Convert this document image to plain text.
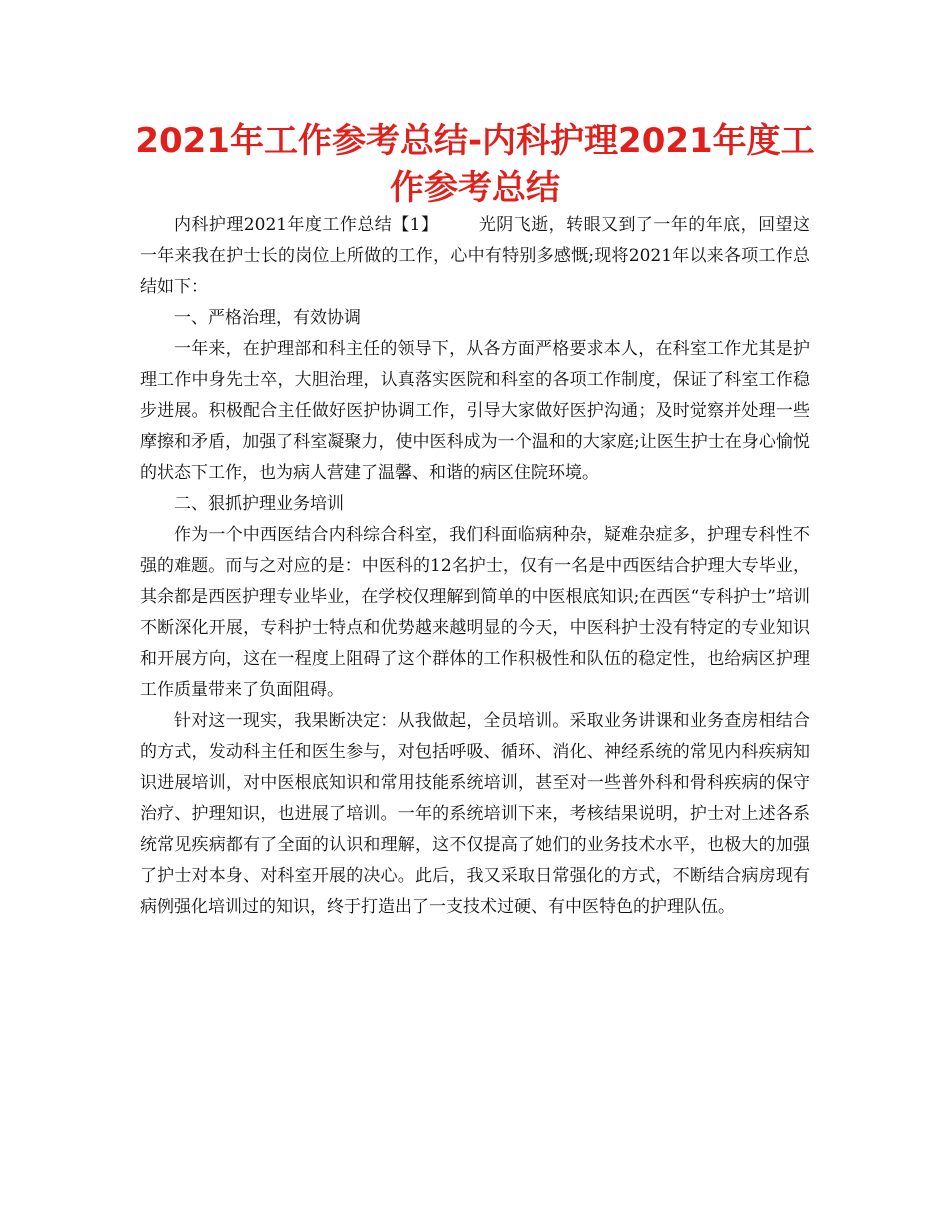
2021年工作参考总结-内科护理2021年度工作参考总结

内科护理2021年度工作总结【1】 光阴飞逝，转眼又到了一年的年底，回望这一年来我在护士长的岗位上所做的工作，心中有特别多感慨;现将2021年以来各项工作总结如下：

一、严格治理，有效协调

一年来，在护理部和科主任的领导下，从各方面严格要求本人，在科室工作尤其是护理工作中身先士卒，大胆治理，认真落实医院和科室的各项工作制度，保证了科室工作稳步进展。积极配合主任做好医护协调工作，引导大家做好医护沟通；及时觉察并处理一些摩擦和矛盾，加强了科室凝聚力，使中医科成为一个温和的大家庭;让医生护士在身心愉悦的状态下工作，也为病人营建了温馨、和谐的病区住院环境。

二、狠抓护理业务培训

作为一个中西医结合内科综合科室，我们科面临病种杂，疑难杂症多，护理专科性不强的难题。而与之对应的是：中医科的12名护士，仅有一名是中西医结合护理大专毕业，其余都是西医护理专业毕业，在学校仅理解到简单的中医根底知识;在西医“专科护士”培训不断深化开展，专科护士特点和优势越来越明显的今天，中医科护士没有特定的专业知识和开展方向，这在一程度上阻碍了这个群体的工作积极性和队伍的稳定性，也给病区护理工作质量带来了负面阻碍。

针对这一现实，我果断决定：从我做起，全员培训。采取业务讲课和业务查房相结合的方式，发动科主任和医生参与，对包括呼吸、循环、消化、神经系统的常见内科疾病知识进展培训，对中医根底知识和常用技能系统培训，甚至对一些普外科和骨科疾病的保守治疗、护理知识，也进展了培训。一年的系统培训下来，考核结果说明，护士对上述各系统常见疾病都有了全面的认识和理解，这不仅提高了她们的业务技术水平，也极大的加强了护士对本身、对科室开展的决心。此后，我又采取日常强化的方式，不断结合病房现有病例强化培训过的知识，终于打造出了一支技术过硬、有中医特色的护理队伍。
